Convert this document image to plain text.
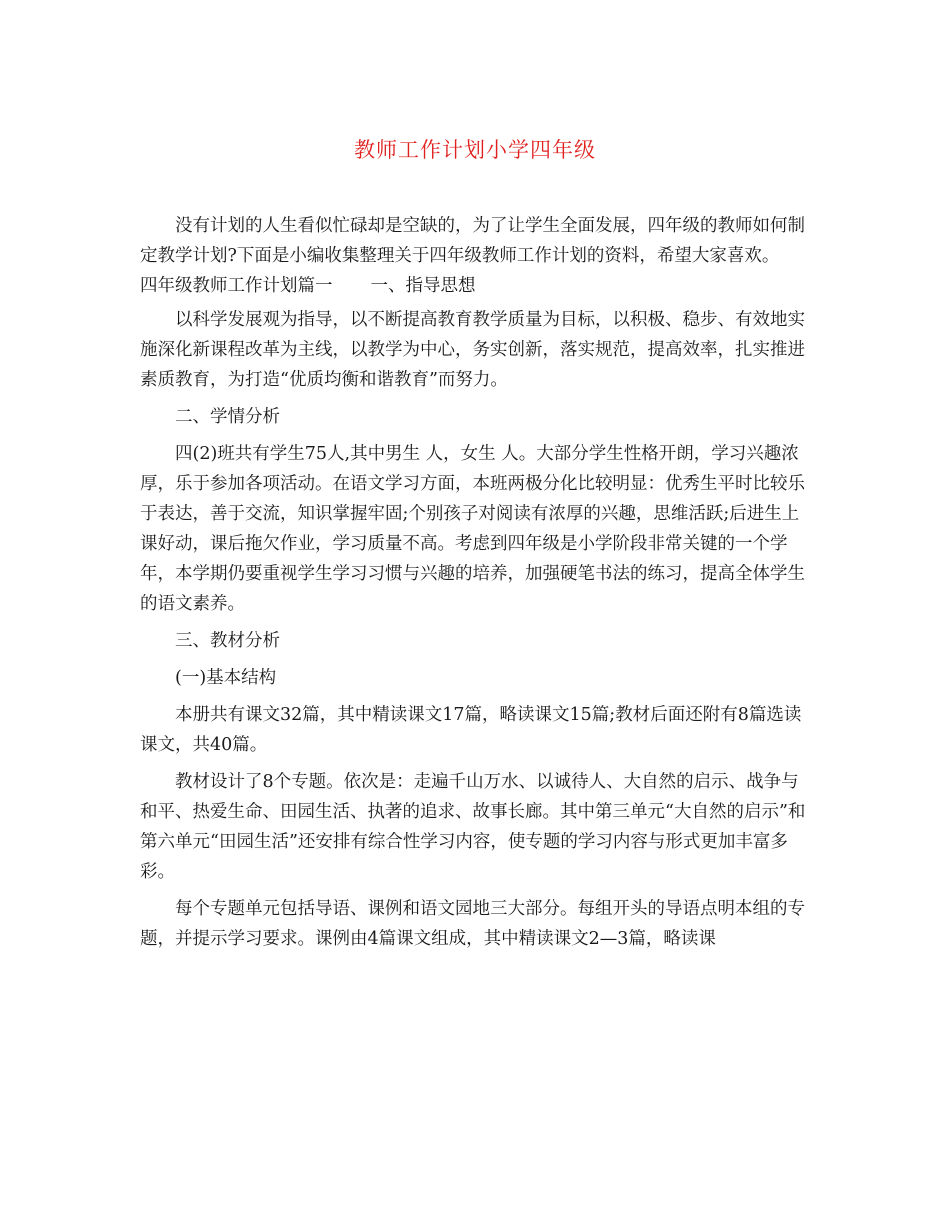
教师工作计划小学四年级

没有计划的人生看似忙碌却是空缺的，为了让学生全面发展，四年级的教师如何制定教学计划?下面是小编收集整理关于四年级教师工作计划的资料，希望大家喜欢。

四年级教师工作计划篇一 一、指导思想

以科学发展观为指导，以不断提高教育教学质量为目标，以积极、稳步、有效地实施深化新课程改革为主线，以教学为中心，务实创新，落实规范，提高效率，扎实推进素质教育，为打造“优质均衡和谐教育”而努力。

二、学情分析

四(2)班共有学生75人,其中男生 人，女生 人。大部分学生性格开朗，学习兴趣浓厚，乐于参加各项活动。在语文学习方面，本班两极分化比较明显：优秀生平时比较乐于表达，善于交流，知识掌握牢固;个别孩子对阅读有浓厚的兴趣，思维活跃;后进生上课好动，课后拖欠作业，学习质量不高。考虑到四年级是小学阶段非常关键的一个学年，本学期仍要重视学生学习习惯与兴趣的培养，加强硬笔书法的练习，提高全体学生的语文素养。

三、教材分析

(一)基本结构

本册共有课文32篇，其中精读课文17篇，略读课文15篇;教材后面还附有8篇选读课文，共40篇。

教材设计了8个专题。依次是：走遍千山万水、以诚待人、大自然的启示、战争与和平、热爱生命、田园生活、执著的追求、故事长廊。其中第三单元“大自然的启示”和第六单元“田园生活”还安排有综合性学习内容，使专题的学习内容与形式更加丰富多彩。

每个专题单元包括导语、课例和语文园地三大部分。每组开头的导语点明本组的专题，并提示学习要求。课例由4篇课文组成，其中精读课文2—3篇，略读课
